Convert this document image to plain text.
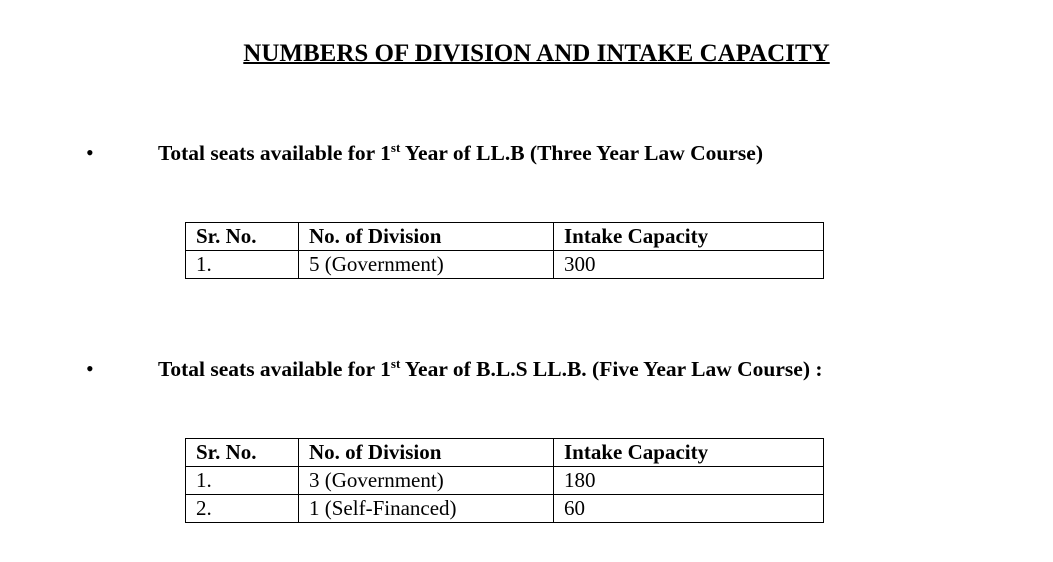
NUMBERS OF DIVISION AND INTAKE CAPACITY
•	Total seats available for 1st Year of LL.B (Three Year Law Course)
Sr. No.	No. of Division	Intake Capacity
1.	5 (Government)	300
•	Total seats available for 1st Year of B.L.S LL.B. (Five Year Law Course) :
Sr. No.	No. of Division	Intake Capacity
1.	3 (Government)	180
2.	1 (Self-Financed)	60
